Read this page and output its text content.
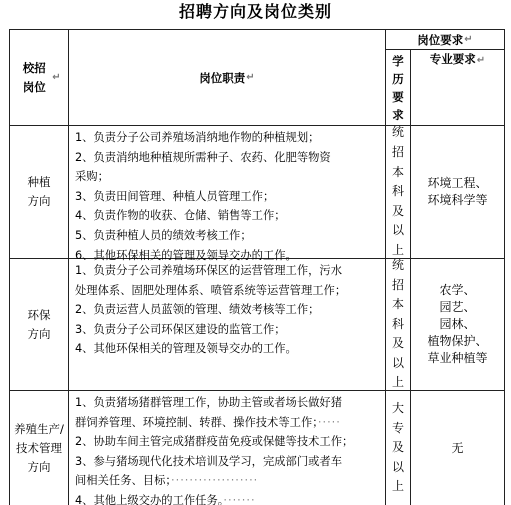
招聘方向及岗位类别
校招岗位
↵	岗位职责 ↵
岗位要求 ↵
学历要求
专业要求↵
种植方向
1、负责分子公司养殖场消纳地作物的种植规划；
2、负责消纳地种植规所需种子、农药、化肥等物资
采购；
3、负责田间管理、种植人员管理工作；
4、负责作物的收获、仓储、销售等工作；
5、负责种植人员的绩效考核工作；
6、其他环保相关的管理及领导交办的工作。
统招本科及以上
环境工程、
环境科学等
环保方向
1、负责分子公司养殖场环保区的运营管理工作，污水
处理体系、固肥处理体系、喷管系统等运营管理工作；
2、负责运营人员蓝领的管理、绩效考核等工作；
3、负责分子公司环保区建设的监管工作；
4、其他环保相关的管理及领导交办的工作。
统招本科及以上
农学、
园艺、
园林、
植物保护、
草业种植等
养殖生产/技术管理方向
1、负责猪场猪群管理工作，协助主管或者场长做好猪
群饲养管理、环境控制、转群、操作技术等工作；·····
2、协助车间主管完成猪群疫苗免疫或保健等技术工作；
3、参与猪场现代化技术培训及学习，完成部门或者车
间相关任务、目标；···················
4、其他上级交办的工作任务。·······
大专及以上
无
